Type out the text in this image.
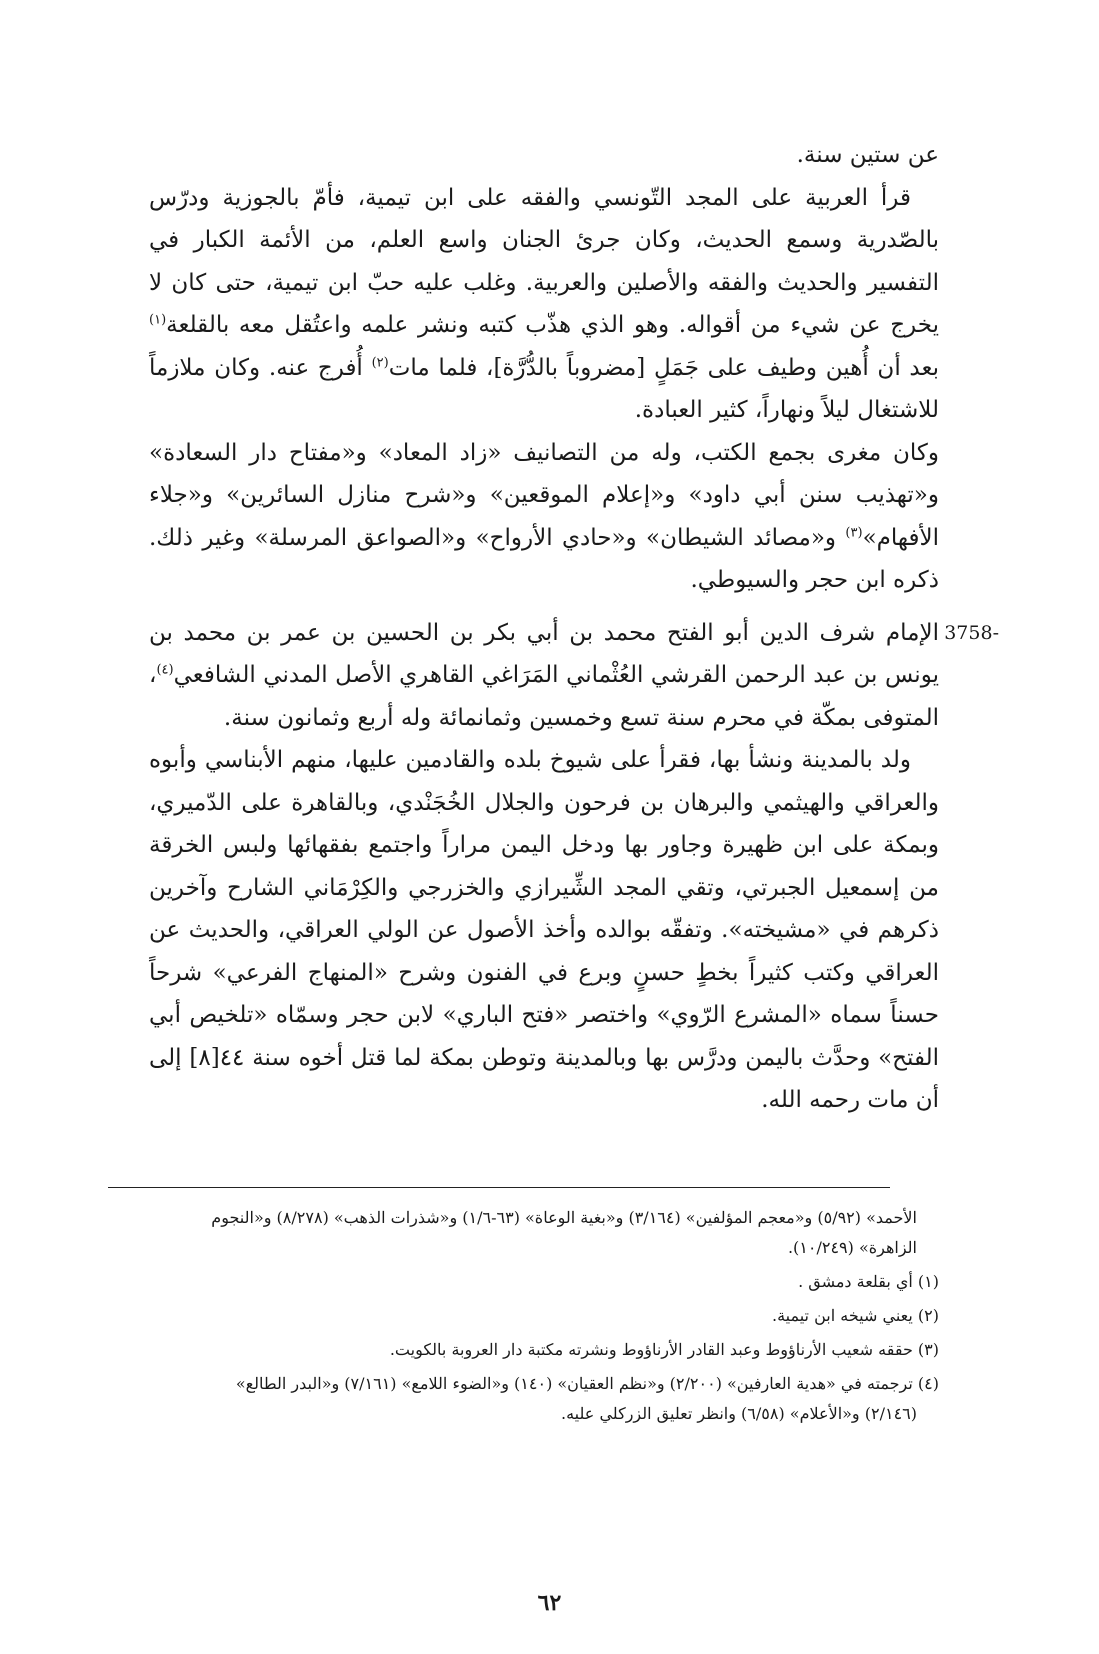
عن ستين سنة.

قرأ العربية على المجد التّونسي والفقه على ابن تيمية، فأمّ بالجوزية ودرّس بالصّدرية وسمع الحديث، وكان جرئ الجنان واسع العلم، من الأئمة الكبار في التفسير والحديث والفقه والأصلين والعربية. وغلب عليه حبّ ابن تيمية، حتى كان لا يخرج عن شيء من أقواله. وهو الذي هذّب كتبه ونشر علمه واعتُقل معه بالقلعة$^{(١)}$ بعد أن أُهين وطيف على جَمَلٍ [مضروباً بالدُّرَّة]، فلما مات$^{(٢)}$ أُفرج عنه. وكان ملازماً للاشتغال ليلاً ونهاراً، كثير العبادة.

وكان مغرى بجمع الكتب، وله من التصانيف «زاد المعاد» و«مفتاح دار السعادة» و«تهذيب سنن أبي داود» و«إعلام الموقعين» و«شرح منازل السائرين» و«جلاء الأفهام»$^{(٣)}$ و«مصائد الشيطان» و«حادي الأرواح» و«الصواعق المرسلة» وغير ذلك. ذكره ابن حجر والسيوطي.

3758-
الإمام شرف الدين أبو الفتح محمد بن أبي بكر بن الحسين بن عمر بن محمد بن يونس بن عبد الرحمن القرشي العُثْماني المَرَاغي القاهري الأصل المدني الشافعي$^{(٤)}$، المتوفى بمكّة في محرم سنة تسع وخمسين وثمانمائة وله أربع وثمانون سنة.

ولد بالمدينة ونشأ بها، فقرأ على شيوخ بلده والقادمين عليها، منهم الأبناسي وأبوه والعراقي والهيثمي والبرهان بن فرحون والجلال الخُجَنْدي، وبالقاهرة على الدّميري، وبمكة على ابن ظهيرة وجاور بها ودخل اليمن مراراً واجتمع بفقهائها ولبس الخرقة من إسمعيل الجبرتي، وتقي المجد الشِّيرازي والخزرجي والكِرْمَاني الشارح وآخرين ذكرهم في «مشيخته». وتفقّه بوالده وأخذ الأصول عن الولي العراقي، والحديث عن العراقي وكتب كثيراً بخطٍ حسنٍ وبرع في الفنون وشرح «المنهاج الفرعي» شرحاً حسناً سماه «المشرع الرّوي» واختصر «فتح الباري» لابن حجر وسمّاه «تلخيص أبي الفتح» وحدَّث باليمن ودرَّس بها وبالمدينة وتوطن بمكة لما قتل أخوه سنة ٤٤[٨] إلى أن مات رحمه الله.

الأحمد» (٥/٩٢) و«معجم المؤلفين» (٣/١٦٤) و«بغية الوعاة» (٦٣-١/٦) و«شذرات الذهب» (٨/٢٧٨) و«النجوم
الزاهرة» (١٠/٢٤٩).

(١) أي بقلعة دمشق .

(٢) يعني شيخه ابن تيمية.

(٣) حققه شعيب الأرناؤوط وعبد القادر الأرناؤوط ونشرته مكتبة دار العروبة بالكويت.

(٤) ترجمته في «هدية العارفين» (٢/٢٠٠) و«نظم العقيان» (١٤٠) و«الضوء اللامع» (٧/١٦١) و«البدر الطالع»
(٢/١٤٦) و«الأعلام» (٦/٥٨) وانظر تعليق الزركلي عليه.

٦٢
